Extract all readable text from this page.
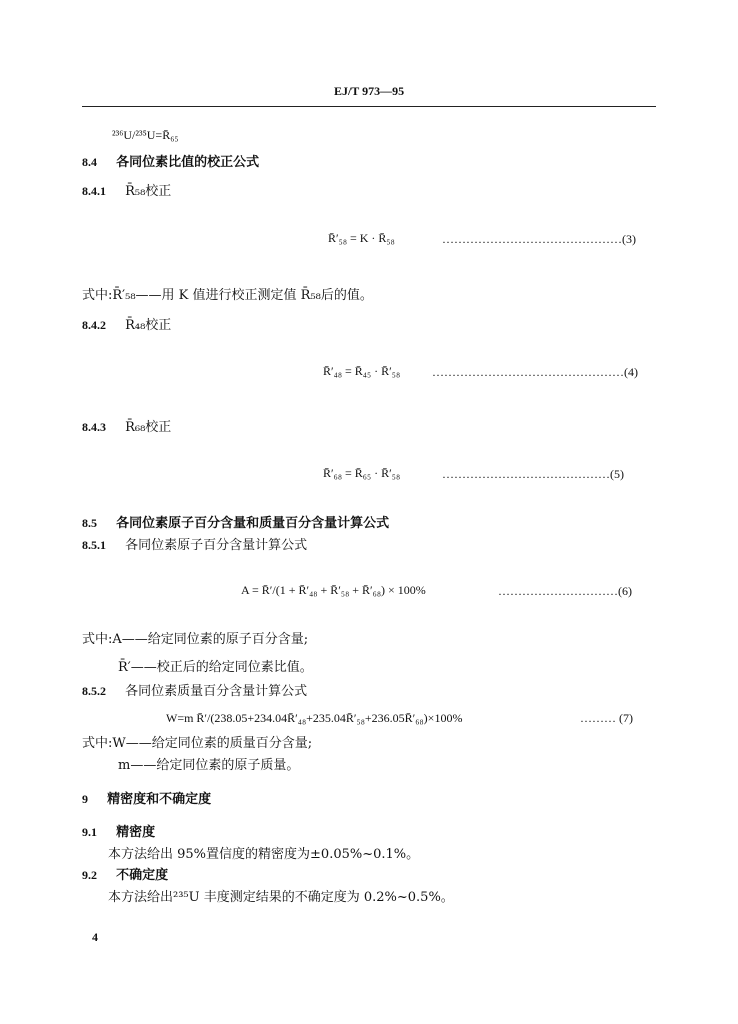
EJ/T 973—95
²³⁶U/²³⁵U=R̄₆₅
8.4 各同位素比值的校正公式
8.4.1 R̄₅₈校正
R̄′₅₈ = K · R̄₅₈	………………………………………(3)
式中:R̄′₅₈——用 K 值进行校正测定值 R̄₅₈后的值。
8.4.2 R̄₄₈校正
R̄′₄₈ = R̄₄₅ · R̄′₅₈	…………………………………………(4)
8.4.3 R̄₆₈校正
R̄′₆₈ = R̄₆₅ · R̄′₅₈	……………………………………(5)
8.5 各同位素原子百分含量和质量百分含量计算公式
8.5.1 各同位素原子百分含量计算公式
A = R̄′/(1 + R̄′₄₈ + R̄′₅₈ + R̄′₆₈) × 100%	…………………………(6)
式中:A——给定同位素的原子百分含量;
R̄′——校正后的给定同位素比值。
8.5.2 各同位素质量百分含量计算公式
W=m R̄′/(238.05+234.04R̄′₄₈+235.04R̄′₅₈+236.05R̄′₆₈)×100%	……… (7)
式中:W——给定同位素的质量百分含量;
m——给定同位素的原子质量。
9 精密度和不确定度
9.1 精密度
本方法给出 95%置信度的精密度为±0.05%~0.1%。
9.2 不确定度
本方法给出²³⁵U 丰度测定结果的不确定度为 0.2%~0.5%。
4
